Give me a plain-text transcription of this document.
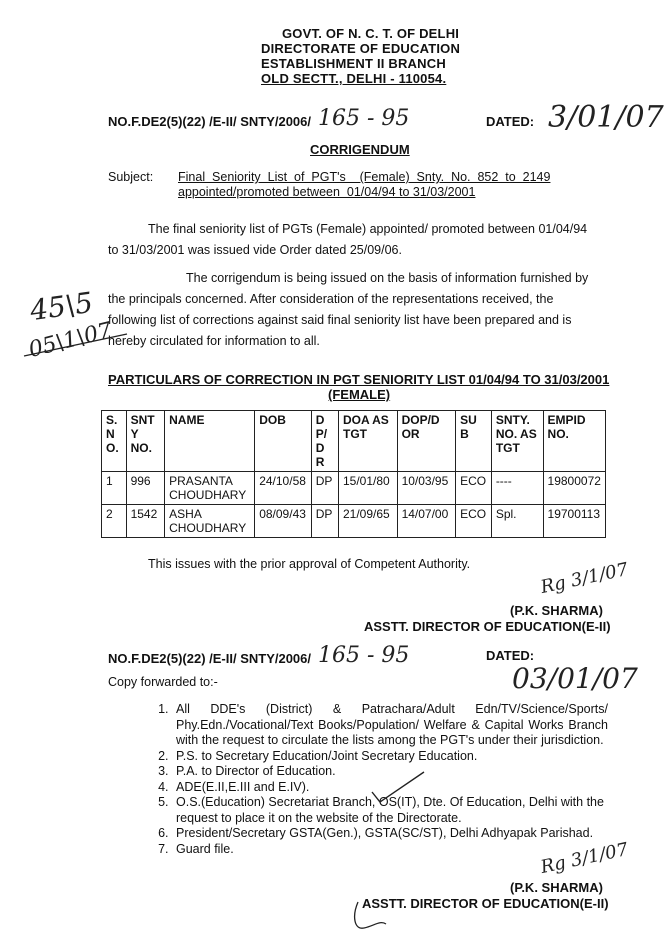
GOVT. OF N. C. T. OF DELHI
DIRECTORATE OF EDUCATION
ESTABLISHMENT II BRANCH
OLD SECTT., DELHI - 110054.
NO.F.DE2(5)(22) /E-II/ SNTY/2006/ 165 - 95	DATED: 3/01/07
CORRIGENDUM
Subject: Final  Seniority  List  of  PGT's    (Female)  Snty.  No.  852  to  2149
appointed/promoted between  01/04/94 to 31/03/2001
The final seniority list of PGTs (Female) appointed/ promoted between 01/04/94
to 31/03/2001 was issued vide Order dated 25/09/06.
The corrigendum is being issued on the basis of information furnished by
the principals concerned. After consideration of the representations received, the
following list of corrections against said final seniority list have been prepared and is
hereby circulated for information to all.
45\5
05\1\07
PARTICULARS OF CORRECTION IN PGT SENIORITY LIST 01/04/94 TO 31/03/2001
(FEMALE)
S. N O.	SNT Y NO.	NAME	DOB	D P/ D R	DOA AS TGT	DOP/D OR	SU B	SNTY. NO. AS TGT	EMPID NO.
1	996	PRASANTA CHOUDHARY	24/10/58	DP	15/01/80	10/03/95	ECO	----	19800072
2	1542	ASHA CHOUDHARY	08/09/43	DP	21/09/65	14/07/00	ECO	Spl.	19700113
This issues with the prior approval of Competent Authority.	Rg 3/1/07
(P.K. SHARMA)
ASSTT. DIRECTOR OF EDUCATION(E-II)
NO.F.DE2(5)(22) /E-II/ SNTY/2006/ 165 - 95	DATED:
03/01/07
Copy forwarded to:-
1. All DDE's (District) & Patrachara/Adult Edn/TV/Science/Sports/ Phy.Edn./Vocational/Text Books/Population/ Welfare & Capital Works Branch with the request to circulate the lists among the PGT's under their jurisdiction.
2. P.S. to Secretary Education/Joint Secretary Education.
3. P.A. to Director of Education.
4. ADE(E.II,E.III and E.IV).
5. O.S.(Education) Secretariat Branch, OS(IT), Dte. Of Education, Delhi with the request to place it on the website of the Directorate.
6. President/Secretary GSTA(Gen.), GSTA(SC/ST), Delhi Adhyapak Parishad.
7. Guard file.	Rg 3/1/07
(P.K. SHARMA)
ASSTT. DIRECTOR OF EDUCATION(E-II)
